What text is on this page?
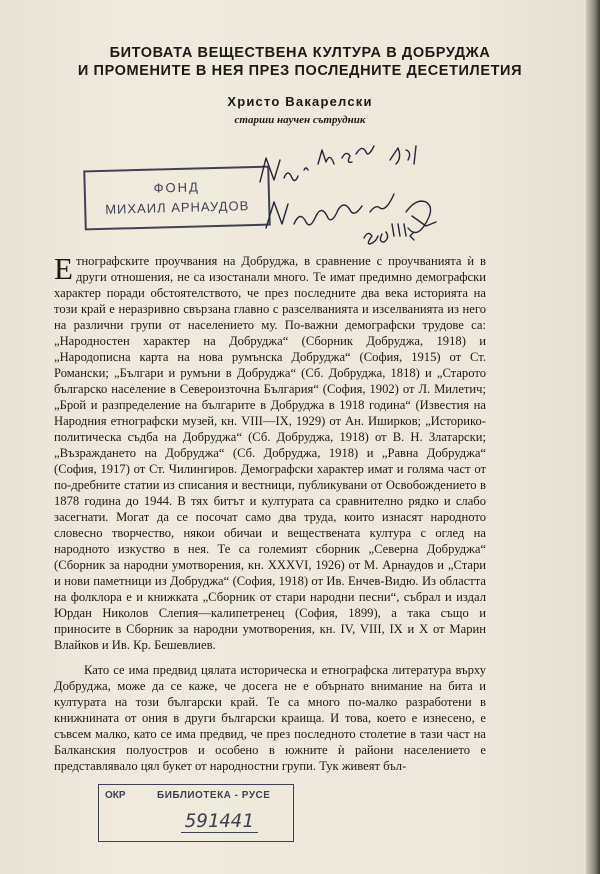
БИТОВАТА ВЕЩЕСТВЕНА КУЛТУРА В ДОБРУДЖА
И ПРОМЕНИТЕ В НЕЯ ПРЕЗ ПОСЛЕДНИТЕ ДЕСЕТИЛЕТИЯ
Христо Вакарелски
старши научен сътрудник
ФОНД
МИХАИЛ АРНАУДОВ

Етнографските проучвания на Добруджа, в сравнение с проучванията ѝ в други отношения, не са изостанали много. Те имат предимно демографски характер поради обстоятелството, че през последните два века историята на този край е неразривно свързана главно с разселванията и изселванията из него на различни групи от населението му. По-важни демографски трудове са: „Народностен характер на Добруджа“ (Сборник Добруджа, 1918) и „Народописна карта на нова румънска Добруджа“ (София, 1915) от Ст. Романски; „Българи и румъни в Добруджа“ (Сб. Добруджа, 1818) и „Старото българско население в Североизточна България“ (София, 1902) от Л. Милетич; „Брой и разпределение на българите в Добруджа в 1918 година“ (Известия на Народния етнографски музей, кн. VIII—IX, 1929) от Ан. Иширков; „Историко-политическа съдба на Добруджа“ (Сб. Добруджа, 1918) от В. Н. Златарски; „Възраждането на Добруджа“ (Сб. Добруджа, 1918) и „Равна Добруджа“ (София, 1917) от Ст. Чилингиров. Демографски характер имат и голяма част от по-дребните статии из списания и вестници, публикувани от Освобождението в 1878 година до 1944. В тях битът и културата са сравнително рядко и слабо засегнати. Могат да се посочат само два труда, които изнасят народното словесно творчество, някои обичаи и веществената култура с оглед на народното изкуство в нея. Те са големият сборник „Северна Добруджа“ (Сборник за народни умотворения, кн. XXXVI, 1926) от М. Арнаудов и „Стари и нови паметници из Добруджа“ (София, 1918) от Ив. Енчев-Видю. Из областта на фолклора е и книжката „Сборник от стари народни песни“, събрал и издал Юрдан Николов Слепия—калипетренец (София, 1899), а така също и приносите в Сборник за народни умотворения, кн. IV, VIII, IX и X от Марин Влайков и Ив. Кр. Бешевлиев.

Като се има предвид цялата историческа и етнографска литература върху Добруджа, може да се каже, че досега не е обърнато внимание на бита и културата на този български край. Те са много по-малко разработени в книжнината от ония в други български краища. И това, което е изнесено, е съвсем малко, като се има предвид, че през последното столетие в тази част на Балканския полуостров и особено в южните ѝ райони населението е представлявало цял букет от народностни групи. Тук живеят бъл-

ОКР	БИБЛИОТЕКА - РУСЕ
591441
